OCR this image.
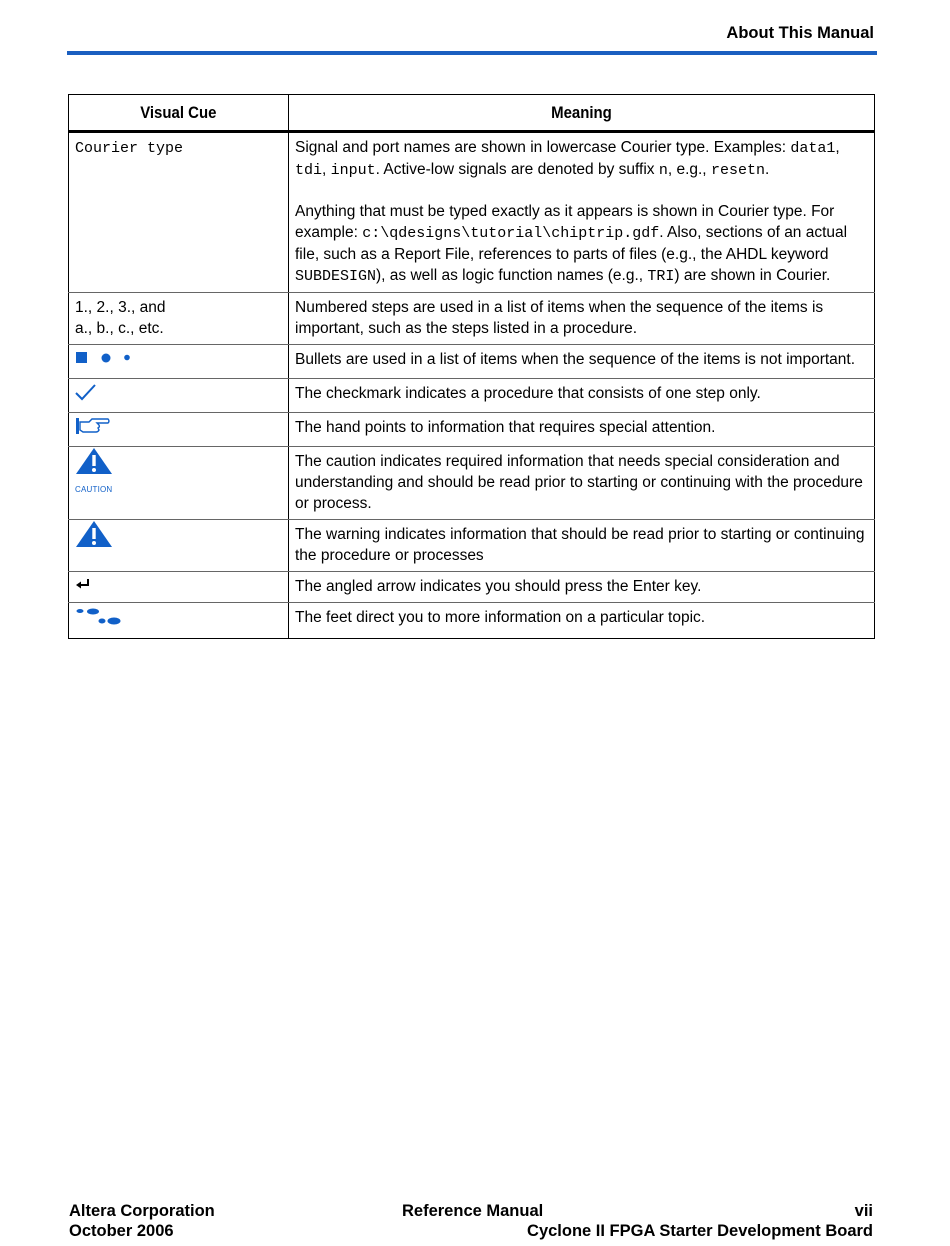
About This Manual
Visual Cue	Meaning
Courier type	Signal and port names are shown in lowercase Courier type. Examples: data1, tdi, input. Active-low signals are denoted by suffix n, e.g., resetn.

Anything that must be typed exactly as it appears is shown in Courier type. For example: c:\qdesigns\tutorial\chiptrip.gdf. Also, sections of an actual file, such as a Report File, references to parts of files (e.g., the AHDL keyword SUBDESIGN), as well as logic function names (e.g., TRI) are shown in Courier.

1., 2., 3., and
a., b., c., etc.	Numbered steps are used in a list of items when the sequence of the items is important, such as the steps listed in a procedure.
	Bullets are used in a list of items when the sequence of the items is not important.
	The checkmark indicates a procedure that consists of one step only.
	The hand points to information that requires special attention.

CAUTION	The caution indicates required information that needs special consideration and understanding and should be read prior to starting or continuing with the procedure or process.
	The warning indicates information that should be read prior to starting or continuing the procedure or processes
	The angled arrow indicates you should press the Enter key.
	The feet direct you to more information on a particular topic.
Altera Corporation
October 2006
Reference Manual	vii
Cyclone II FPGA Starter Development Board
